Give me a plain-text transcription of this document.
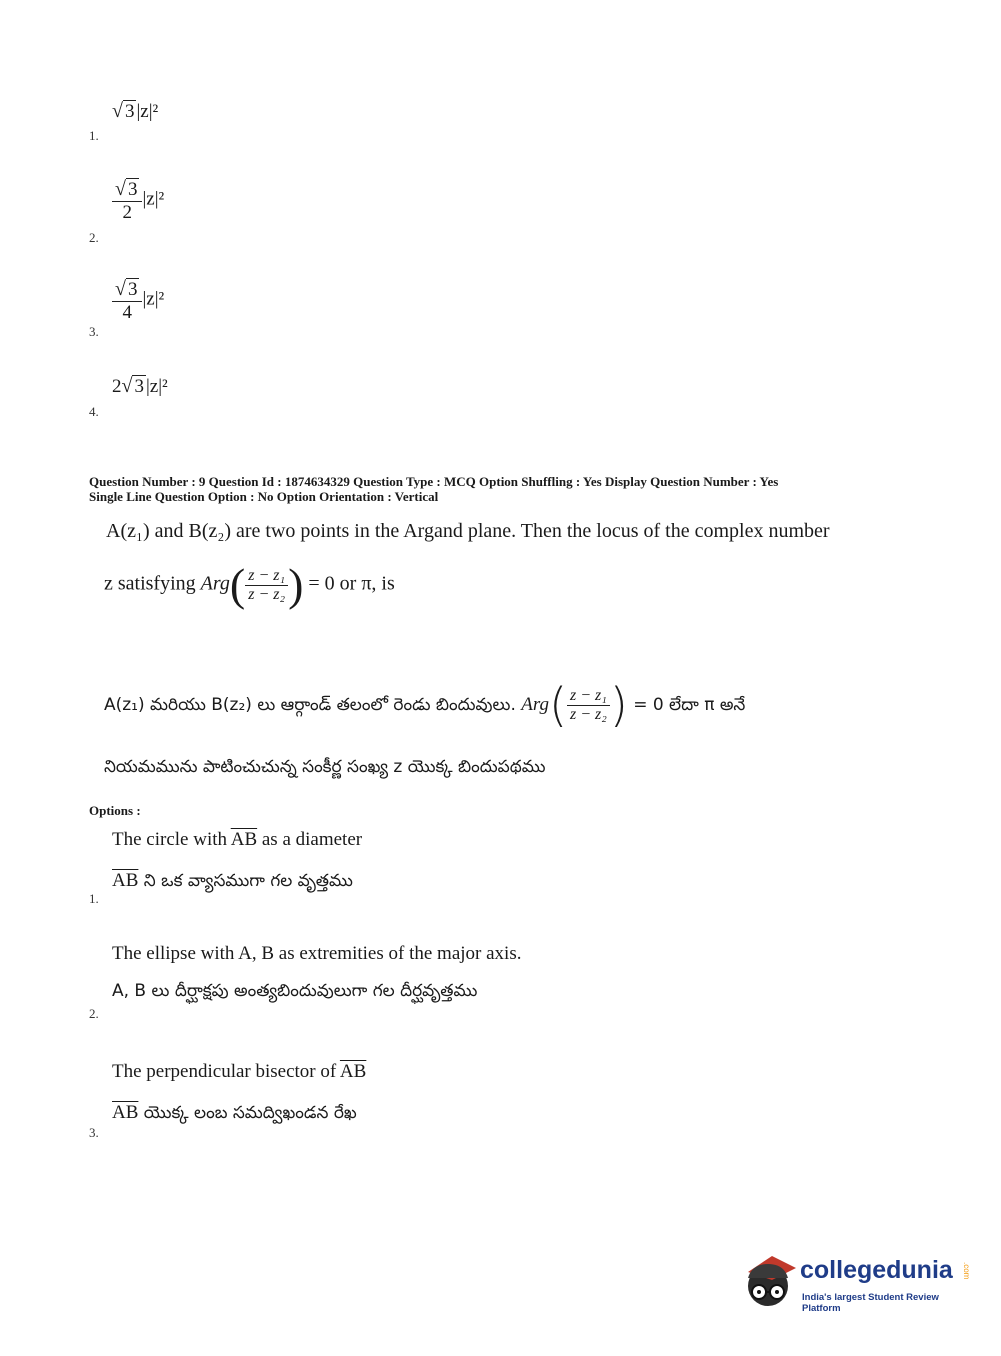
√ 3 |z|²
1.
$\frac{√ 3}{2} |z|^2$
2.
$\frac{√ 3}{4} |z|^2$
3.
2√ 3 |z|²
4.
Question Number : 9 Question Id : 1874634329 Question Type : MCQ Option Shuffling : Yes Display Question Number : Yes
Single Line Question Option : No Option Orientation : Vertical
A(z₁) and B(z₂) are two points in the Argand plane. Then the locus of the complex number
z satisfying $Arg( \frac{\text{z − z₁}}{\text{z − z₂}}$ ) = 0 or π, is
A(z₁) మరియు B(z₂) లు ఆర్గాండ్ తలంలో రెండు బిందువులు. $Arg( \frac{\text{z − z₁}}{\text{z − z₂}}$ ) = 0 లేదా π అనే
నియమమును పాటించుచున్న సంకీర్ణ సంఖ్య z యొక్క బిందుపథము
Options :
The circle with $\overline{AB}$ as a diameter
$\overline{AB}$ ని ఒక వ్యాసముగా గల వృత్తము
1.
The ellipse with A, B as extremities of the major axis.
A, B లు దీర్ఘాక్షపు అంత్యబిందువులుగా గల దీర్ఘవృత్తము
2.
The perpendicular bisector of $\overline{AB}$
$\overline{AB}$ యొక్క లంబ సమద్విఖండన రేఖ
3.
collegedunia .com
India's largest Student Review Platform
